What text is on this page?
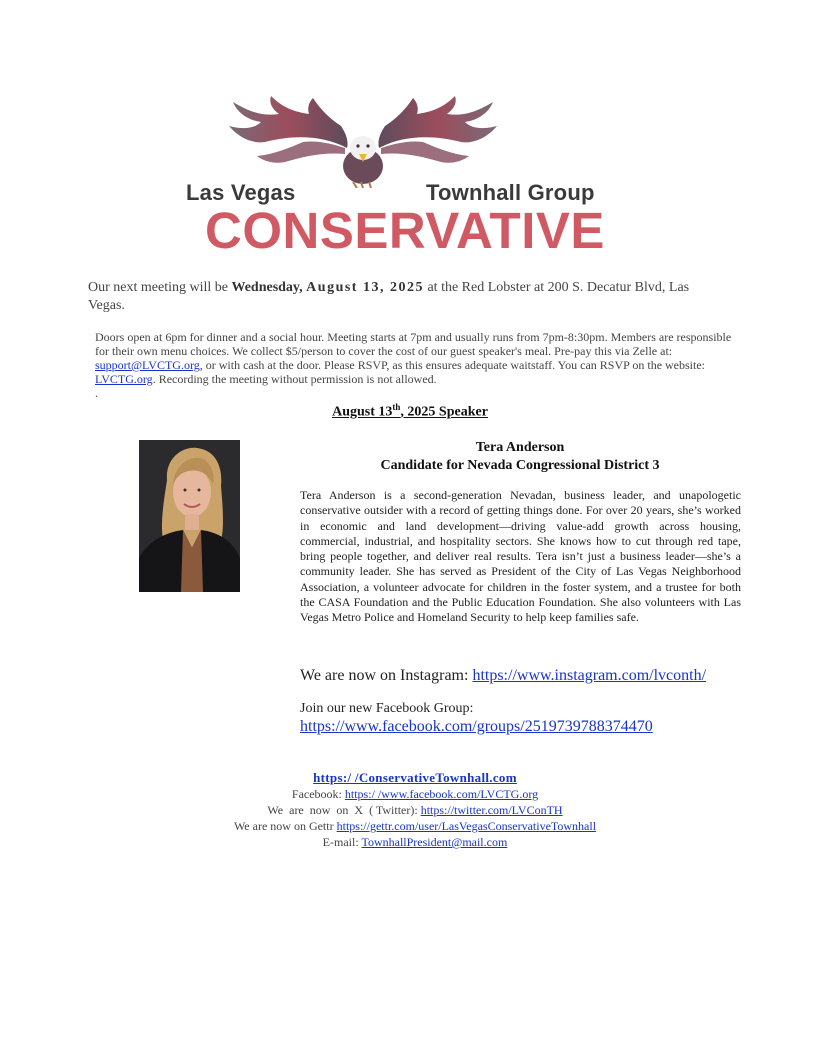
Las Vegas	Townhall Group
CONSERVATIVE
Our next meeting will be Wednesday, August 13, 2025 at the Red Lobster at 200 S. Decatur Blvd, Las Vegas.
Doors open at 6pm for dinner and a social hour. Meeting starts at 7pm and usually runs from 7pm-8:30pm. Members are responsible for their own menu choices. We collect $5/person to cover the cost of our guest speaker's meal. Pre-pay this via Zelle at: support@LVCTG.org, or with cash at the door. Please RSVP, as this ensures adequate waitstaff. You can RSVP on the website: LVCTG.org. Recording the meeting without permission is not allowed.
.
August 13th, 2025 Speaker
Tera Anderson
Candidate for Nevada Congressional District 3
Tera Anderson is a second-generation Nevadan, business leader, and unapologetic conservative outsider with a record of getting things done. For over 20 years, she’s worked in economic and land development—driving value-add growth across housing, commercial, industrial, and hospitality sectors. She knows how to cut through red tape, bring people together, and deliver real results. Tera isn’t just a business leader—she’s a community leader. She has served as President of the City of Las Vegas Neighborhood Association, a volunteer advocate for children in the foster system, and a trustee for both the CASA Foundation and the Public Education Foundation. She also volunteers with Las Vegas Metro Police and Homeland Security to help keep families safe.
We are now on Instagram: https://www.instagram.com/lvconth/
Join our new Facebook Group:
https://www.facebook.com/groups/2519739788374470
https:/ /ConservativeTownhall.com
Facebook: https:/ /www.facebook.com/LVCTG.org
We  are  now  on  X  ( Twitter): https://twitter.com/LVConTH
We are now on Gettr https://gettr.com/user/LasVegasConservativeTownhall
E-mail: TownhallPresident@mail.com
